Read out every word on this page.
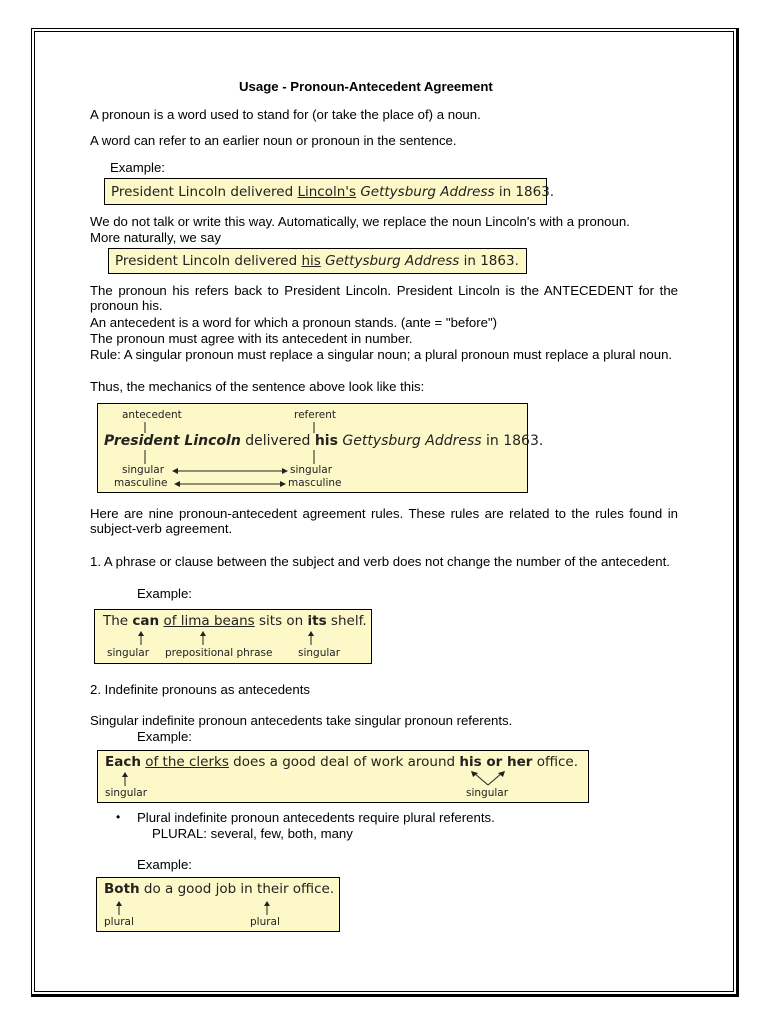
Usage - Pronoun-Antecedent Agreement
A pronoun is a word used to stand for (or take the place of) a noun.
A word can refer to an earlier noun or pronoun in the sentence.
Example:
President Lincoln delivered Lincoln's Gettysburg Address in 1863.
We do not talk or write this way. Automatically, we replace the noun Lincoln's with a pronoun.
More naturally, we say
President Lincoln delivered his Gettysburg Address in 1863.
The pronoun his refers back to President Lincoln. President Lincoln is the ANTECEDENT for the pronoun his.
An antecedent is a word for which a pronoun stands. (ante = "before")
The pronoun must agree with its antecedent in number.
Rule: A singular pronoun must replace a singular noun; a plural pronoun must replace a plural noun.
Thus, the mechanics of the sentence above look like this:
antecedent	referent
President Lincoln delivered his Gettysburg Address in 1863.
singular
masculine
singular
masculine
Here are nine pronoun-antecedent agreement rules. These rules are related to the rules found in subject-verb agreement.
1. A phrase or clause between the subject and verb does not change the number of the antecedent.
Example:
The can of lima beans sits on its shelf.
singular prepositional phrase singular
2. Indefinite pronouns as antecedents
Singular indefinite pronoun antecedents take singular pronoun referents.
Example:
Each of the clerks does a good deal of work around his or her office.
singular	singular
• Plural indefinite pronoun antecedents require plural referents.
PLURAL: several, few, both, many
Example:
Both do a good job in their office.
plural	plural
